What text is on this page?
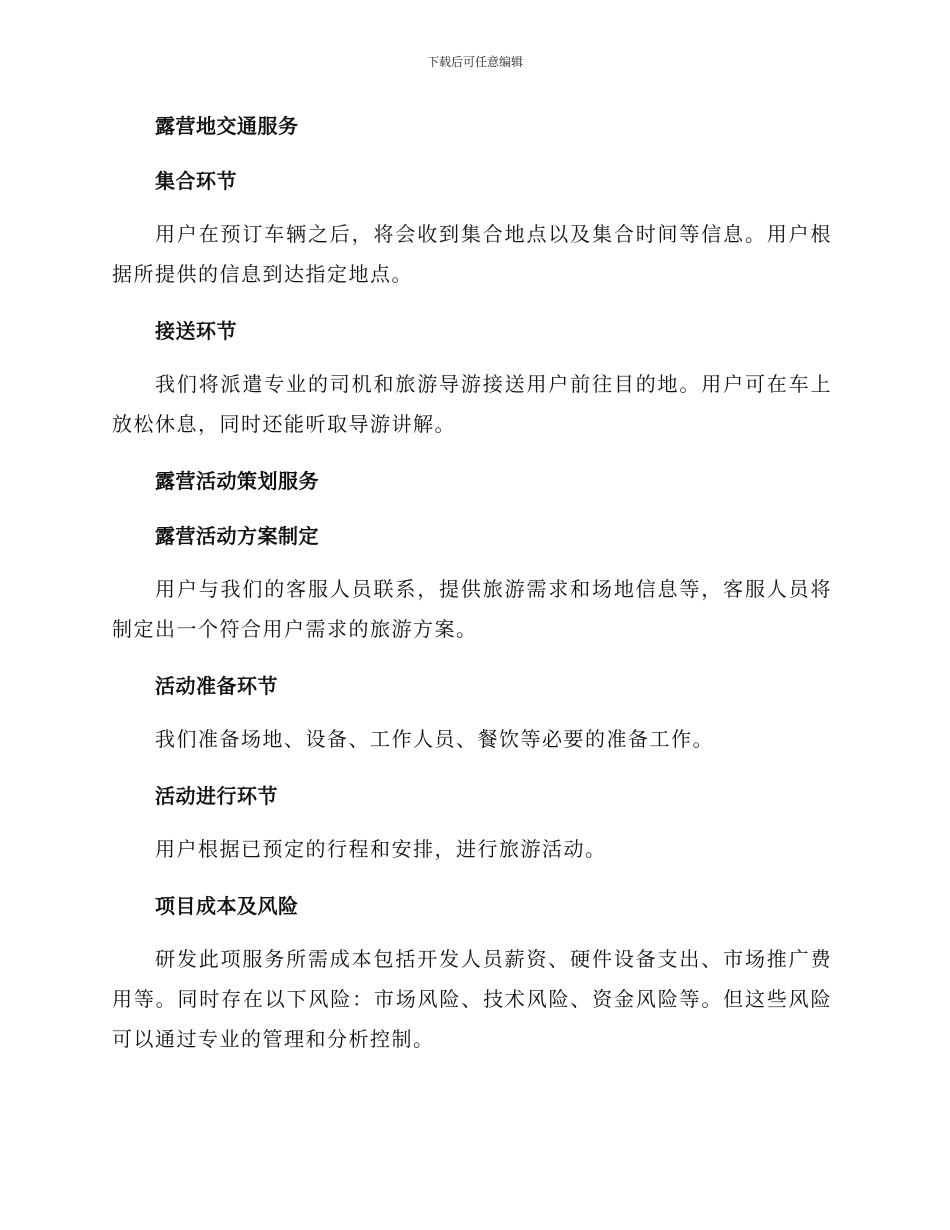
下载后可任意编辑
露营地交通服务
集合环节

用户在预订车辆之后，将会收到集合地点以及集合时间等信息。用户根据所提供的信息到达指定地点。

接送环节

我们将派遣专业的司机和旅游导游接送用户前往目的地。用户可在车上放松休息，同时还能听取导游讲解。

露营活动策划服务
露营活动方案制定

用户与我们的客服人员联系，提供旅游需求和场地信息等，客服人员将制定出一个符合用户需求的旅游方案。

活动准备环节

我们准备场地、设备、工作人员、餐饮等必要的准备工作。

活动进行环节

用户根据已预定的行程和安排，进行旅游活动。

项目成本及风险

研发此项服务所需成本包括开发人员薪资、硬件设备支出、市场推广费用等。同时存在以下风险：市场风险、技术风险、资金风险等。但这些风险可以通过专业的管理和分析控制。
